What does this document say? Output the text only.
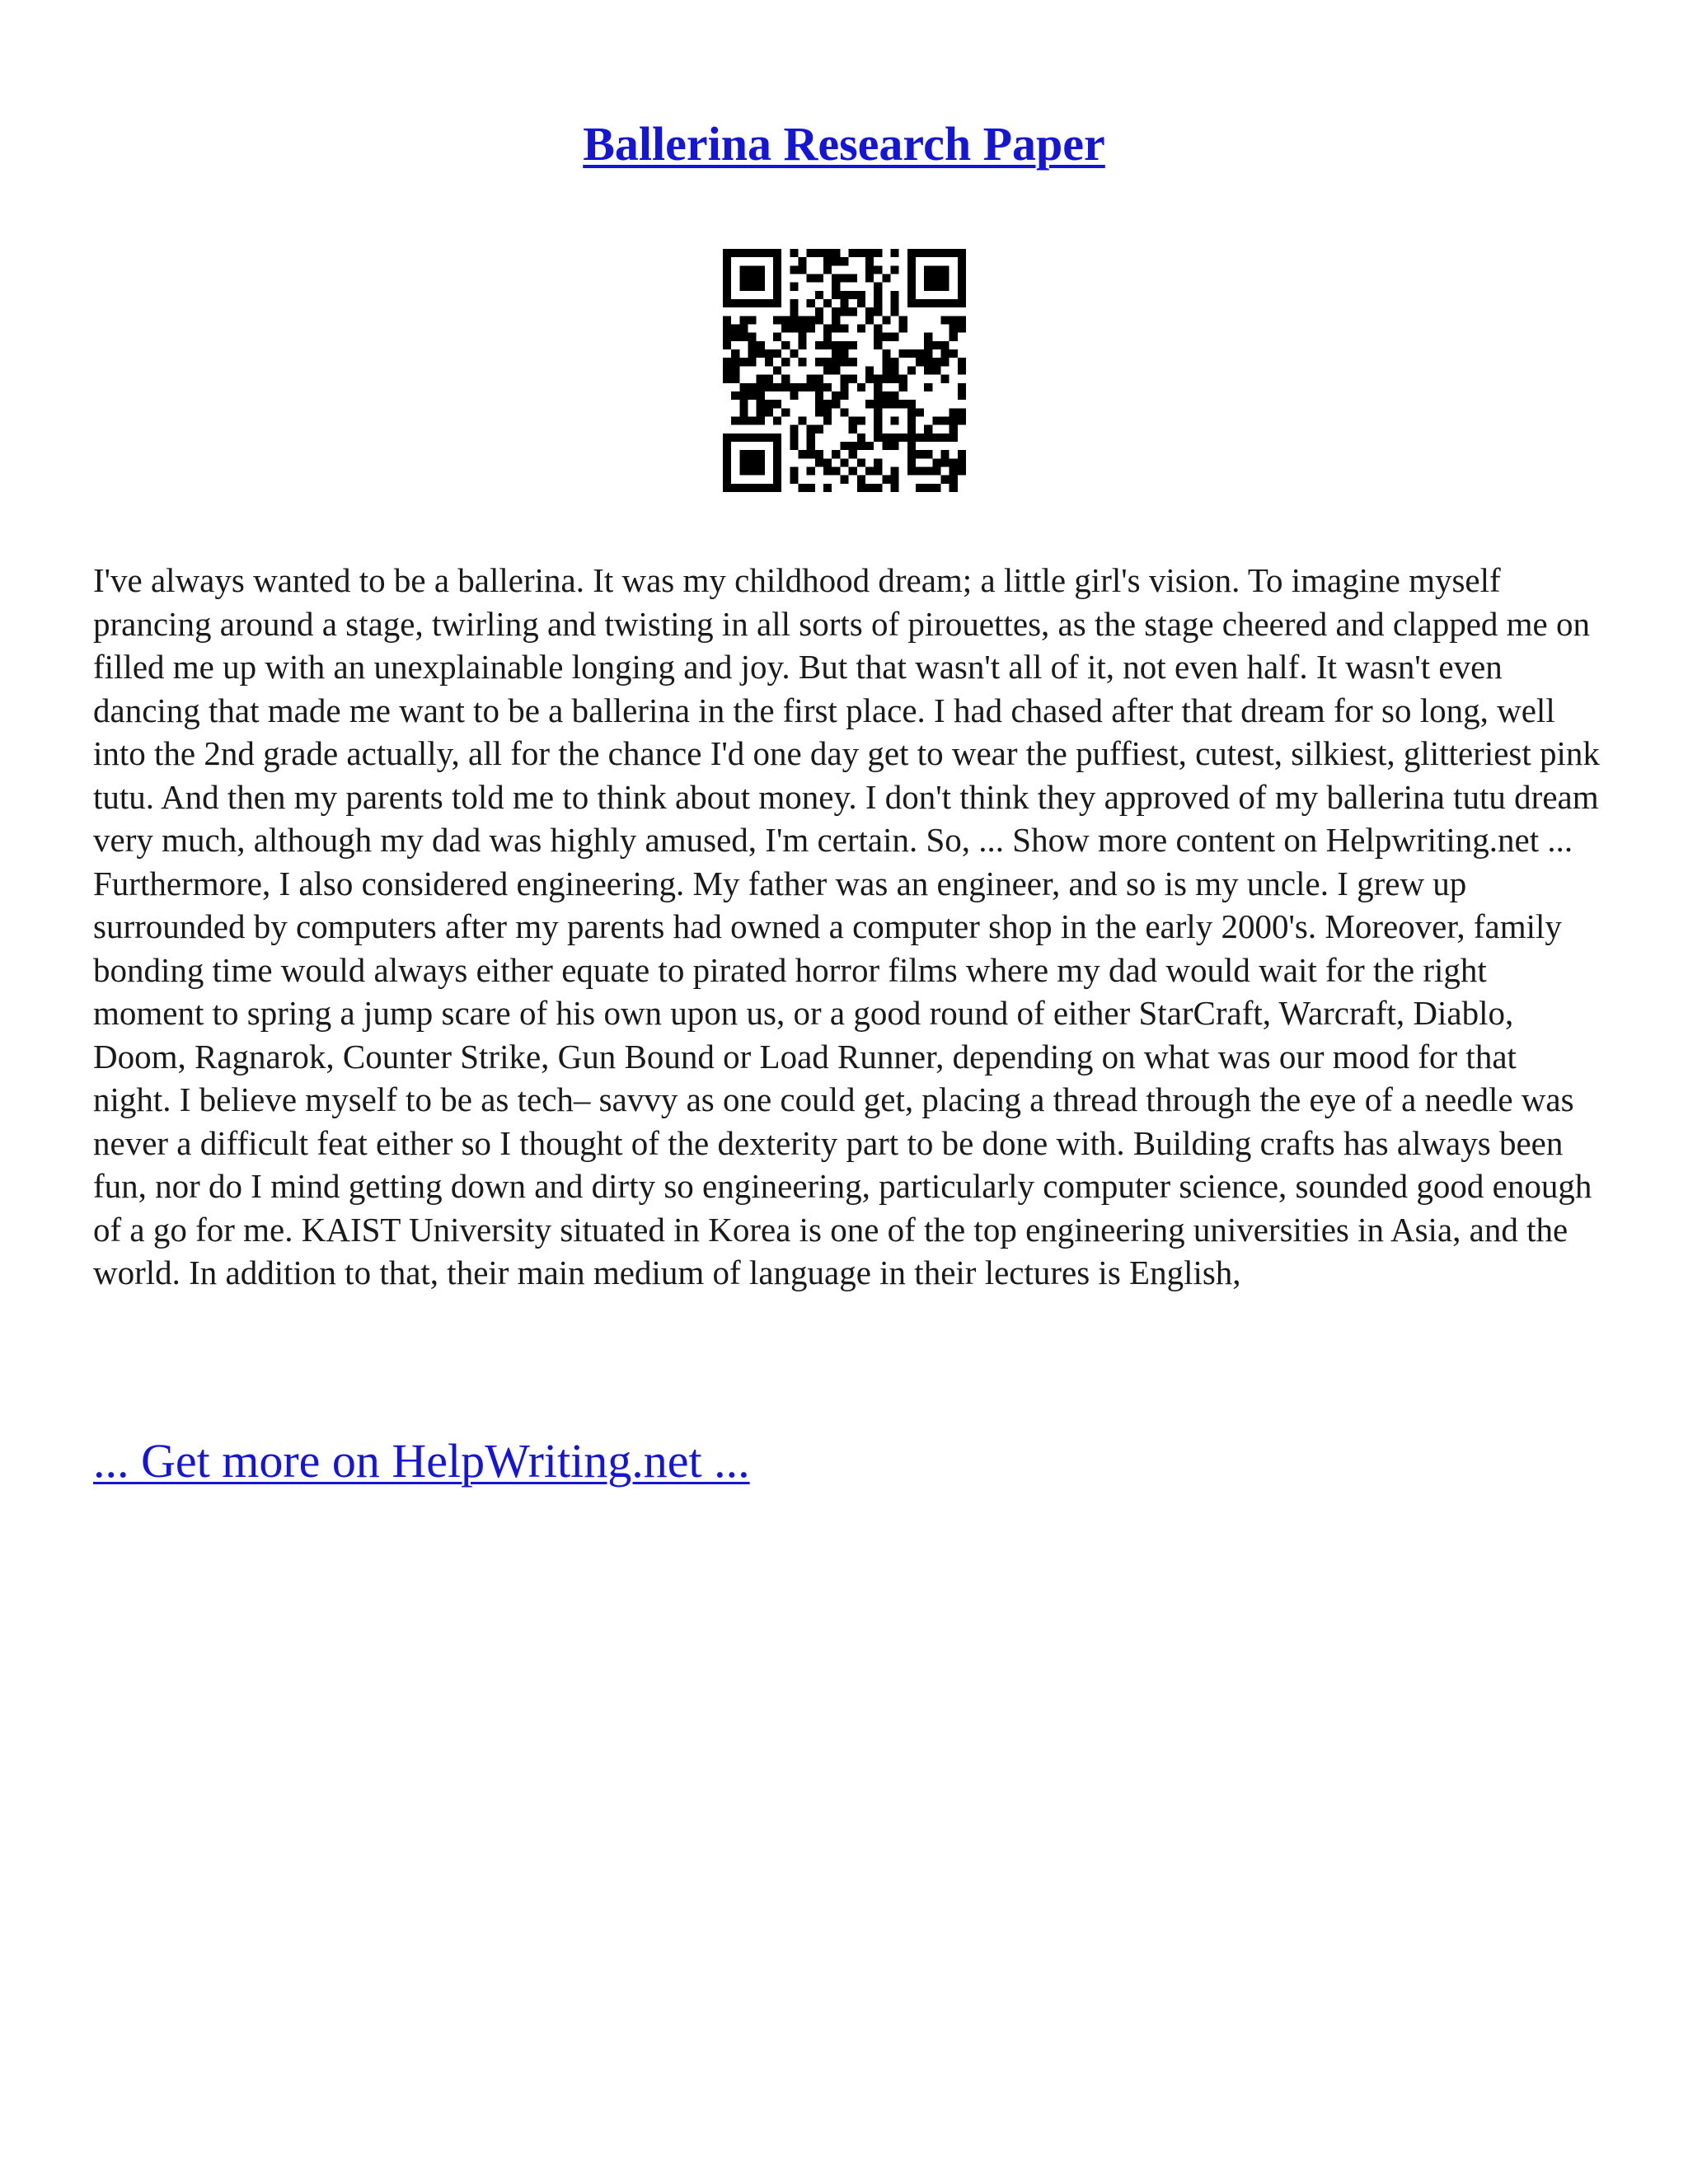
Ballerina Research Paper

I've always wanted to be a ballerina. It was my childhood dream; a little girl's vision. To imagine myself prancing around a stage, twirling and twisting in all sorts of pirouettes, as the stage cheered and clapped me on filled me up with an unexplainable longing and joy. But that wasn't all of it, not even half. It wasn't even dancing that made me want to be a ballerina in the first place. I had chased after that dream for so long, well into the 2nd grade actually, all for the chance I'd one day get to wear the puffiest, cutest, silkiest, glitteriest pink tutu. And then my parents told me to think about money. I don't think they approved of my ballerina tutu dream very much, although my dad was highly amused, I'm certain. So, ... Show more content on Helpwriting.net ...

Furthermore, I also considered engineering. My father was an engineer, and so is my uncle. I grew up surrounded by computers after my parents had owned a computer shop in the early 2000's. Moreover, family bonding time would always either equate to pirated horror films where my dad would wait for the right moment to spring a jump scare of his own upon us, or a good round of either StarCraft, Warcraft, Diablo, Doom, Ragnarok, Counter Strike, Gun Bound or Load Runner, depending on what was our mood for that night. I believe myself to be as tech– savvy as one could get, placing a thread through the eye of a needle was never a difficult feat either so I thought of the dexterity part to be done with. Building crafts has always been fun, nor do I mind getting down and dirty so engineering, particularly computer science, sounded good enough of a go for me. KAIST University situated in Korea is one of the top engineering universities in Asia, and the world. In addition to that, their main medium of language in their lectures is English,

... Get more on HelpWriting.net ...
